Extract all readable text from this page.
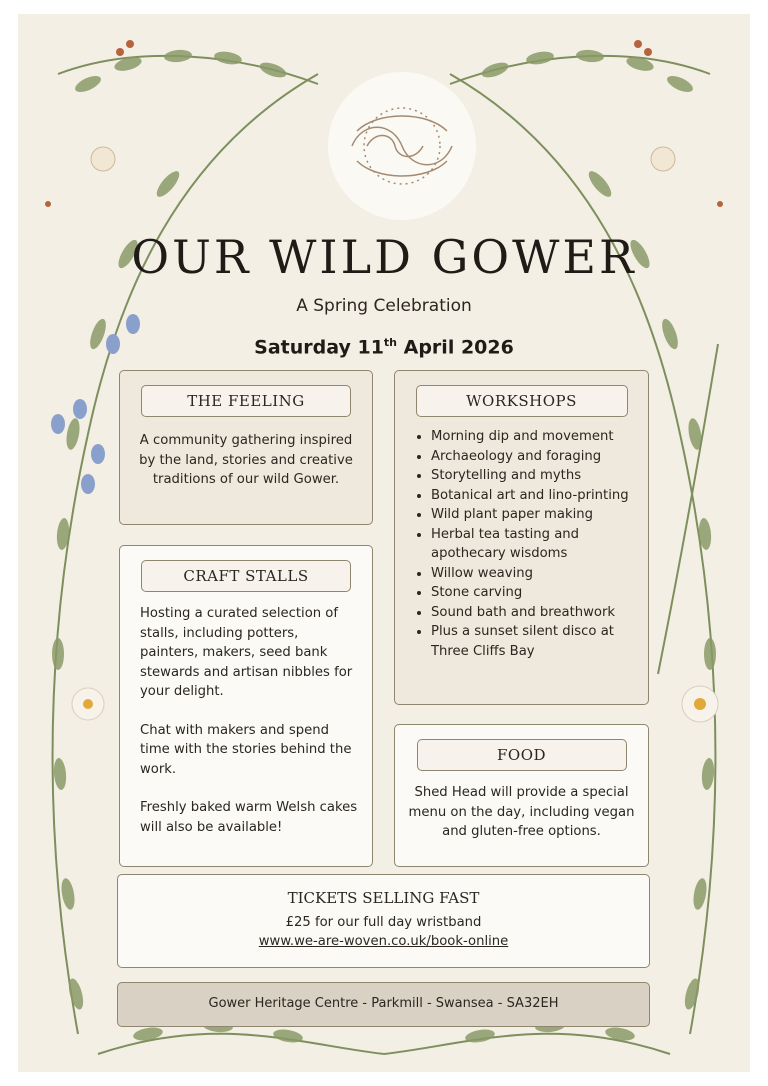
OUR WILD GOWER
A Spring Celebration
Saturday 11th April 2026
THE FEELING
A community gathering inspired by the land, stories and creative traditions of our wild Gower.
WORKSHOPS
• Morning dip and movement
• Archaeology and foraging
• Storytelling and myths
• Botanical art and lino-printing
• Wild plant paper making
• Herbal tea tasting and apothecary wisdoms
• Willow weaving
• Stone carving
• Sound bath and breathwork
• Plus a sunset silent disco at Three Cliffs Bay
CRAFT STALLS

Hosting a curated selection of stalls, including potters, painters, makers, seed bank stewards and artisan nibbles for your delight.

Chat with makers and spend time with the stories behind the work.

Freshly baked warm Welsh cakes will also be available!

FOOD
Shed Head will provide a special menu on the day, including vegan and gluten-free options.
TICKETS SELLING FAST
£25 for our full day wristband
www.we-are-woven.co.uk/book-online
Gower Heritage Centre - Parkmill - Swansea - SA32EH
